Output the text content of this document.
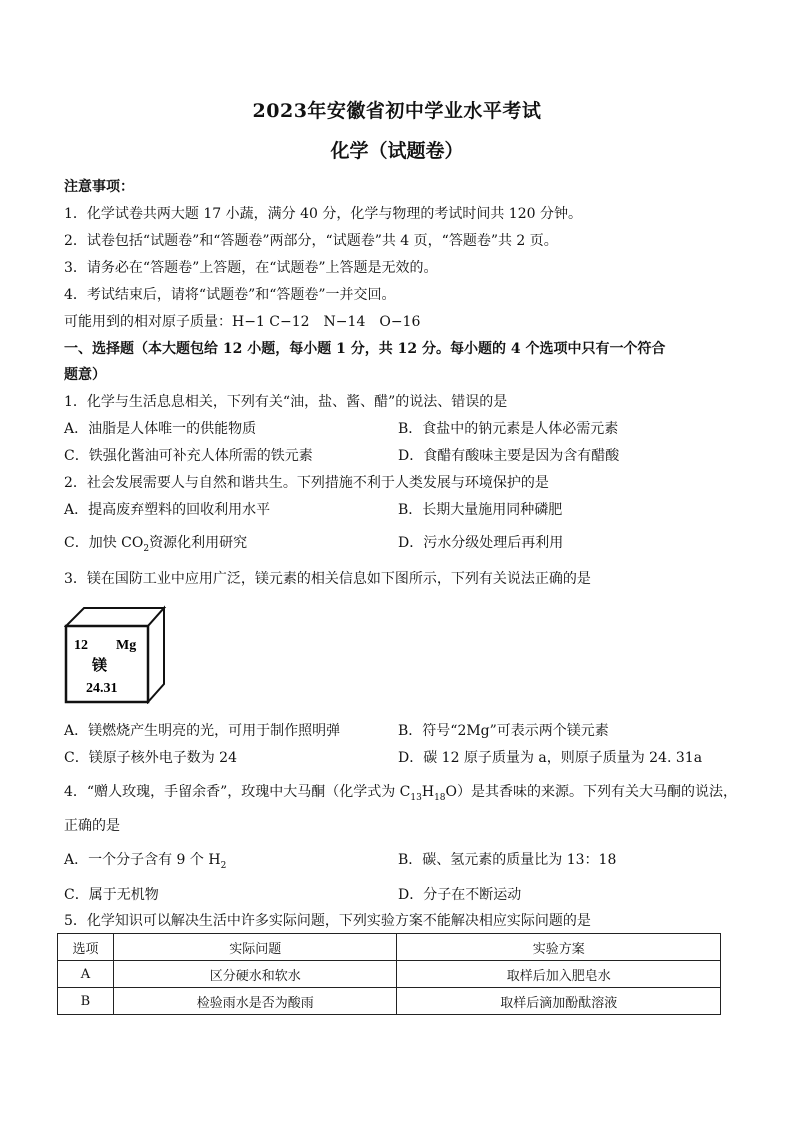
2023年安徽省初中学业水平考试
化学（试题卷）
注意事项：
1．化学试卷共两大题 17 小蔬，满分 40 分，化学与物理的考试时间共 120 分钟。
2．试卷包括“试题卷”和“答题卷”两部分，“试题卷”共 4 页，“答题卷”共 2 页。
3．请务必在“答题卷”上答题，在“试题卷”上答题是无效的。
4．考试结束后，请将“试题卷”和“答题卷”一并交回。
可能用到的相对原子质量：H−1 C−12　N−14　O−16
一、选择题（本大题包给 12 小题，每小题 1 分，共 12 分。每小题的 4 个选项中只有一个符合
题意）
1．化学与生活息息相关，下列有关“油，盐、酱、醋”的说法、错误的是
A．油脂是人体唯一的供能物质	B．食盐中的钠元素是人体必需元素
C．铁强化酱油可补充人体所需的铁元素	D．食醋有酸味主要是因为含有醋酸
2．社会发展需要人与自然和谐共生。下列措施不利于人类发展与环境保护的是
A．提高废弃塑料的回收利用水平	B．长期大量施用同种磷肥
C．加快 $CO_2$资源化利用研究	D．污水分级处理后再利用
3．镁在国防工业中应用广泛，镁元素的相关信息如下图所示，下列有关说法正确的是
12 Mg
镁
24.31
A．镁燃烧产生明亮的光，可用于制作照明弹	B．符号“2Mg”可表示两个镁元素
C．镁原子核外电子数为 24	D．碳 12 原子质量为 a，则原子质量为 24. 31a
4．“赠人玫瑰，手留余香”，玫瑰中大马酮（化学式为 $C_{13}H_{18}O$）是其香味的来源。下列有关大马酮的说法，
正确的是
A．一个分子含有 9 个 $H_2$	B．碳、氢元素的质量比为 13：18
C．属于无机物	D．分子在不断运动
5．化学知识可以解决生活中许多实际问题，下列实验方案不能解决相应实际问题的是
选项	实际问题	实验方案
A	区分硬水和软水	取样后加入肥皂水
B	检验雨水是否为酸雨	取样后滴加酚酞溶液
